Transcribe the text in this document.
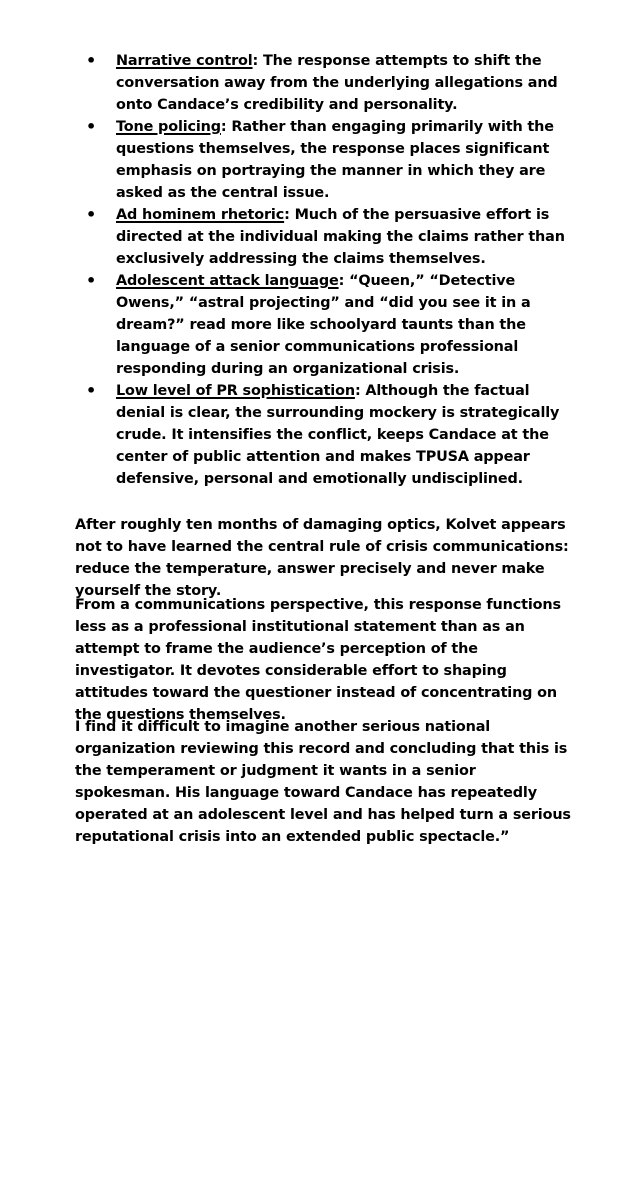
• Narrative control: The response attempts to shift the conversation away from the underlying allegations and onto Candace’s credibility and personality.
• Tone policing: Rather than engaging primarily with the questions themselves, the response places significant emphasis on portraying the manner in which they are asked as the central issue.
• Ad hominem rhetoric: Much of the persuasive effort is directed at the individual making the claims rather than exclusively addressing the claims themselves.
• Adolescent attack language: “Queen,” “Detective Owens,” “astral projecting” and “did you see it in a dream?” read more like schoolyard taunts than the language of a senior communications professional responding during an organizational crisis.
• Low level of PR sophistication: Although the factual denial is clear, the surrounding mockery is strategically crude. It intensifies the conflict, keeps Candace at the center of public attention and makes TPUSA appear defensive, personal and emotionally undisciplined.

After roughly ten months of damaging optics, Kolvet appears not to have learned the central rule of crisis communications: reduce the temperature, answer precisely and never make yourself the story.

From a communications perspective, this response functions less as a professional institutional statement than as an attempt to frame the audience’s perception of the investigator. It devotes considerable effort to shaping attitudes toward the questioner instead of concentrating on the questions themselves.

I find it difficult to imagine another serious national organization reviewing this record and concluding that this is the temperament or judgment it wants in a senior spokesman. His language toward Candace has repeatedly operated at an adolescent level and has helped turn a serious reputational crisis into an extended public spectacle.”
